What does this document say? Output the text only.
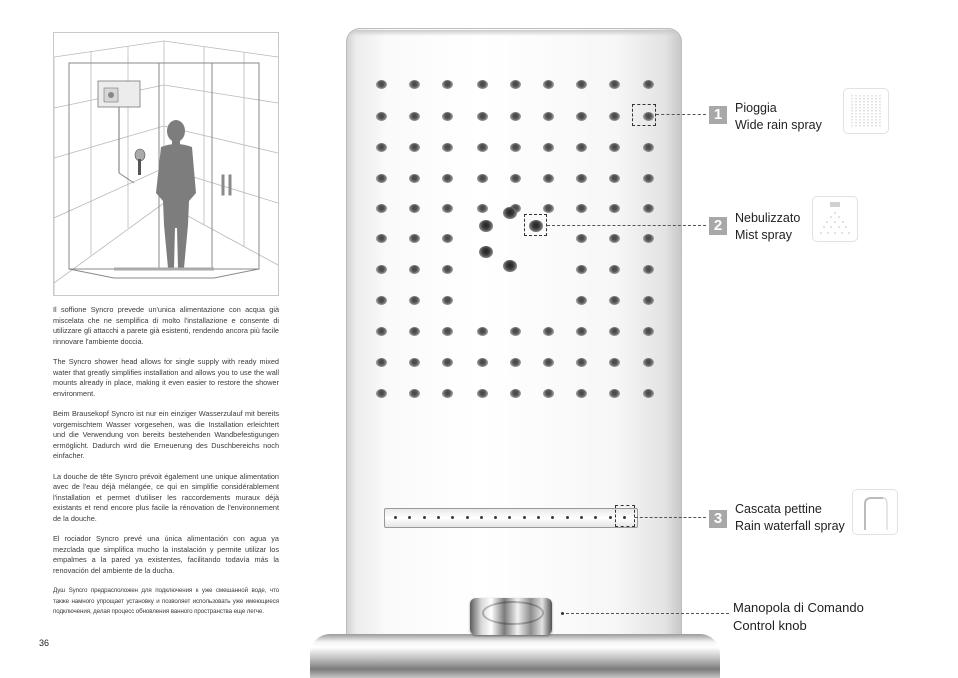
Il soffione Syncro prevede un'unica alimentazione con acqua già miscelata che ne semplifica di molto l'installazione e consente di utilizzare gli attacchi a parete già esistenti, rendendo ancora più facile rinnovare l'ambiente doccia.

The Syncro shower head allows for single supply with ready mixed water that greatly simplifies installation and allows you to use the wall mounts already in place, making it even easier to restore the shower environment.

Beim Brausekopf Syncro ist nur ein einziger Wasserzulauf mit bereits vorgemischtem Wasser vorgesehen, was die Installation erleichtert und die Verwendung von bereits bestehenden Wandbefestigungen ermöglicht. Dadurch wird die Erneuerung des Duschbereichs noch einfacher.

La douche de tête Syncro prévoit également une unique alimentation avec de l'eau déjà mélangée, ce qui en simplifie considérablement l'installation et permet d'utiliser les raccordements muraux déjà existants et rend encore plus facile la rénovation de l'environnement de la douche.

El rociador Syncro prevé una única alimentación con agua ya mezclada que simplifica mucho la instalación y permite utilizar los empalmes a la pared ya existentes, facilitando todavía más la renovación del ambiente de la ducha.

Душ Syncro предрасположен для подключения к уже смешанной воде, что также намного упрощает установку и позволяет использовать уже имеющиеся подключения, делая процесс обновления ванного пространства еще легче.

36
1	Pioggia
Wide rain spray
2	Nebulizzato
Mist spray
3
Cascata pettine
Rain waterfall spray
Manopola di Comando
Control knob
